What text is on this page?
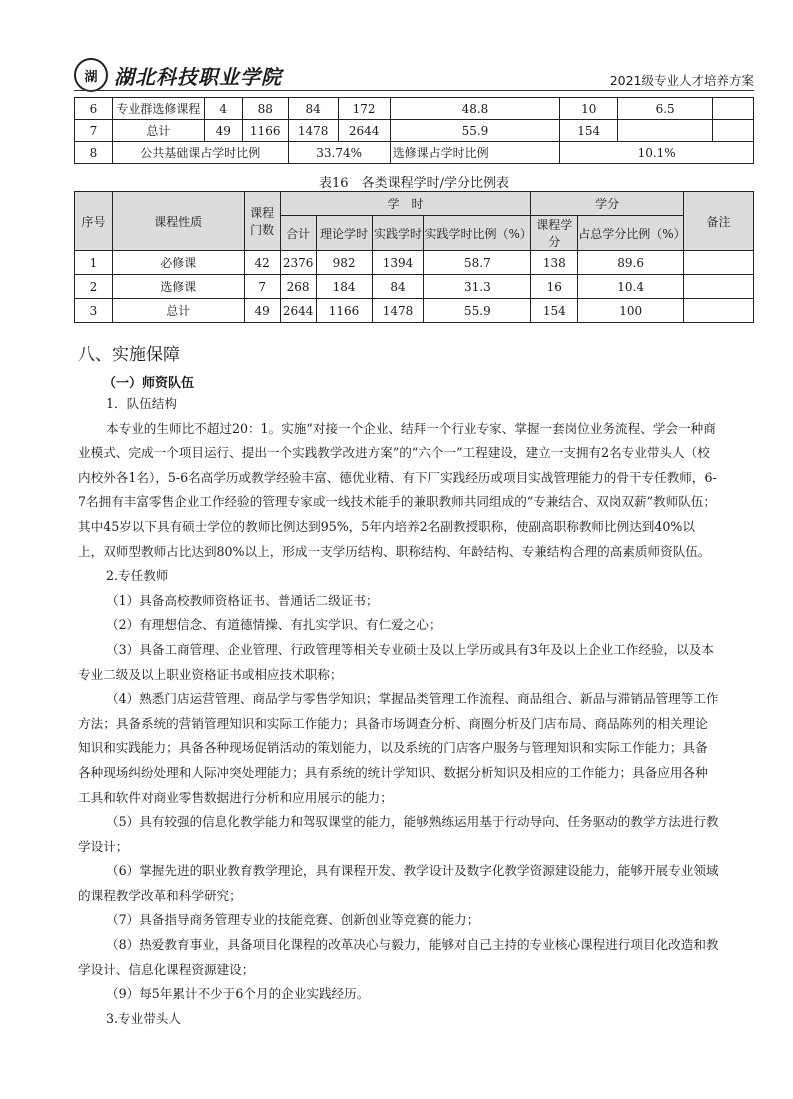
湖 湖北科技职业学院	2021级专业人才培养方案
6	专业群选修课程	4	88	84	172	48.8	10	6.5	
7	总计	49	1166	1478	2644	55.9	154		
8	公共基础课占学时比例			33.74%		选修课占学时比例	10.1%		
表16　各类课程学时/学分比例表
序号	课程性质	课程门数	学　时				学分		备注
			合计	理论学时	实践学时	实践学时比例（%）	课程学分	占总学分比例（%）	
1	必修课	42	2376	982	1394	58.7	138	89.6	
2	选修课	7	268	184	84	31.3	16	10.4	
3	总计	49	2644	1166	1478	55.9	154	100	
八、实施保障
（一）师资队伍

1．队伍结构

本专业的生师比不超过20：1。实施“对接一个企业、结拜一个行业专家、掌握一套岗位业务流程、学会一种商业模式、完成一个项目运行、提出一个实践教学改进方案”的“六个一”工程建设，建立一支拥有2名专业带头人（校内校外各1名），5-6名高学历或教学经验丰富、德优业精、有下厂实践经历或项目实战管理能力的骨干专任教师，6-7名拥有丰富零售企业工作经验的管理专家或一线技术能手的兼职教师共同组成的“专兼结合、双岗双薪”教师队伍；其中45岁以下具有硕士学位的教师比例达到95%，5年内培养2名副教授职称，使副高职称教师比例达到40%以上，双师型教师占比达到80%以上，形成一支学历结构、职称结构、年龄结构、专兼结构合理的高素质师资队伍。

2.专任教师

（1）具备高校教师资格证书、普通话二级证书；

（2）有理想信念、有道德情操、有扎实学识、有仁爱之心；

（3）具备工商管理、企业管理、行政管理等相关专业硕士及以上学历或具有3年及以上企业工作经验，以及本专业二级及以上职业资格证书或相应技术职称；

（4）熟悉门店运营管理、商品学与零售学知识；掌握品类管理工作流程、商品组合、新品与滞销品管理等工作方法；具备系统的营销管理知识和实际工作能力；具备市场调查分析、商圈分析及门店布局、商品陈列的相关理论知识和实践能力；具备各种现场促销活动的策划能力，以及系统的门店客户服务与管理知识和实际工作能力；具备各种现场纠纷处理和人际冲突处理能力；具有系统的统计学知识、数据分析知识及相应的工作能力；具备应用各种工具和软件对商业零售数据进行分析和应用展示的能力；

（5）具有较强的信息化教学能力和驾驭课堂的能力，能够熟练运用基于行动导向、任务驱动的教学方法进行教学设计；

（6）掌握先进的职业教育教学理论，具有课程开发、教学设计及数字化教学资源建设能力，能够开展专业领域的课程教学改革和科学研究；

（7）具备指导商务管理专业的技能竞赛、创新创业等竞赛的能力；

（8）热爱教育事业，具备项目化课程的改革决心与毅力，能够对自己主持的专业核心课程进行项目化改造和教学设计、信息化课程资源建设；

（9）每5年累计不少于6个月的企业实践经历。

3.专业带头人
